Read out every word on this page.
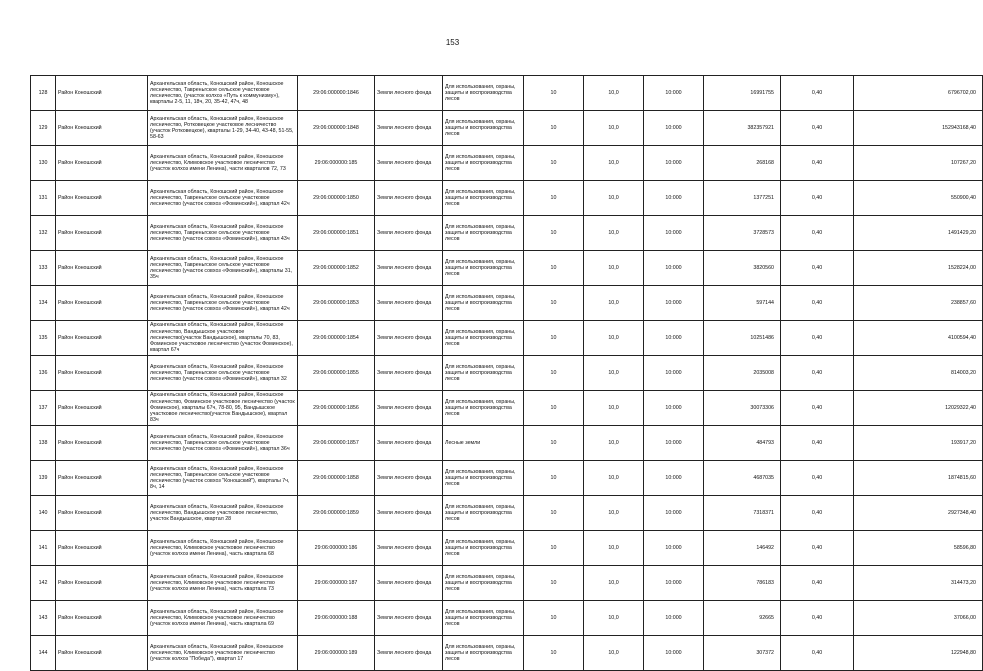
153
128	Район Коношский	Архангельская область, Коношский район, Коношское лесничество, Тавреньгское сельское участковое лесничество, (участок колхоз «Путь к коммунизму»), кварталы 2-5, 11, 18ч, 20, 35-42, 47ч, 48	29:06:000000:1846	Земли лесного фонда	Для использования, охраны, защиты и воспроизводства лесов	10	10,0	10:000	16991755	0,40	6796702,00
129	Район Коношский	Архангельская область, Коношский район, Коношское лесничество, Ротковецкое участковое лесничество (участок Ротковецкое), кварталы 1-29, 34-40, 43-48, 51-55, 58-63	29:06:000000:1848	Земли лесного фонда	Для использования, охраны, защиты и воспроизводства лесов	10	10,0	10:000	382357921	0,40	152943168,40
130	Район Коношский	Архангельская область, Коношский район, Коношское лесничество, Климовское участковое лесничество (участок колхоз имени Ленина), части кварталов 72, 73	29:06:000000:185	Земли лесного фонда	Для использования, охраны, защиты и воспроизводства лесов	10	10,0	10:000	268168	0,40	107267,20
131	Район Коношский	Архангельская область, Коношский район, Коношское лесничество, Тавреньгское сельское участковое лесничество (участок совхоз «Фоминский»), квартал 42ч	29:06:000000:1850	Земли лесного фонда	Для использования, охраны, защиты и воспроизводства лесов	10	10,0	10:000	1377251	0,40	550900,40
132	Район Коношский	Архангельская область, Коношский район, Коношское лесничество, Тавреньгское сельское участковое лесничество (участок совхоз «Фоминский»), квартал 43ч	29:06:000000:1851	Земли лесного фонда	Для использования, охраны, защиты и воспроизводства лесов	10	10,0	10:000	3728573	0,40	1491429,20
133	Район Коношский	Архангельская область, Коношский район, Коношское лесничество, Тавреньгское сельское участковое лесничество (участок совхоз «Фоминский»), кварталы 31, 35ч	29:06:000000:1852	Земли лесного фонда	Для использования, охраны, защиты и воспроизводства лесов	10	10,0	10:000	3820560	0,40	1528224,00
134	Район Коношский	Архангельская область, Коношский район, Коношское лесничество, Тавреньгское сельское участковое лесничество (участок совхоз «Фоминский»), квартал 42ч	29:06:000000:1853	Земли лесного фонда	Для использования, охраны, защиты и воспроизводства лесов	10	10,0	10:000	597144	0,40	238857,60
135	Район Коношский	Архангельская область, Коношский район, Коношское лесничество, Вандышское участковое лесничество(участок Вандышское), кварталы 70, 83, Фоминское участковое лесничество (участок Фоминское), квартал 67ч	29:06:000000:1854	Земли лесного фонда	Для использования, охраны, защиты и воспроизводства лесов	10	10,0	10:000	10251486	0,40	4100594,40
136	Район Коношский	Архангельская область, Коношский район, Коношское лесничество, Тавреньгское сельское участковое лесничество (участок совхоз «Фоминский»), квартал 32	29:06:000000:1855	Земли лесного фонда	Для использования, охраны, защиты и воспроизводства лесов	10	10,0	10:000	2035008	0,40	814003,20
137	Район Коношский	Архангельская область, Коношский район, Коношское лесничество, Фоминское участковое лесничество (участок Фоминское), кварталы 67ч, 78-80, 95, Вандышское участковое лесничество(участок Вандышское), квартал 83ч	29:06:000000:1856	Земли лесного фонда	Для использования, охраны, защиты и воспроизводства лесов	10	10,0	10:000	30073306	0,40	12029322,40
138	Район Коношский	Архангельская область, Коношский район, Коношское лесничество, Тавреньгское сельское участковое лесничество (участок совхоз «Фоминский»), квартал 36ч	29:06:000000:1857	Земли лесного фонда	Лесные земли	10	10,0	10:000	484793	0,40	193917,20
139	Район Коношский	Архангельская область, Коношский район, Коношское лесничество, Тавреньгское сельское участковое лесничество (участок совхоз "Коношский"), кварталы 7ч, 8ч, 14	29:06:000000:1858	Земли лесного фонда	Для использования, охраны, защиты и воспроизводства лесов	10	10,0	10:000	4687035	0,40	1874815,60
140	Район Коношский	Архангельская область, Коношский район, Коношское лесничество, Вандышское участковое лесничество, участок Вандышское, квартал 28	29:06:000000:1859	Земли лесного фонда	Для использования, охраны, защиты и воспроизводства лесов	10	10,0	10:000	7318371	0,40	2927348,40
141	Район Коношский	Архангельская область, Коношский район, Коношское лесничество, Климовское участковое лесничество (участок колхоз имени Ленина), часть квартала 68	29:06:000000:186	Земли лесного фонда	Для использования, охраны, защиты и воспроизводства лесов	10	10,0	10:000	146492	0,40	58596,80
142	Район Коношский	Архангельская область, Коношский район, Коношское лесничество, Климовское участковое лесничество (участок колхоз имени Ленина), часть квартала 73	29:06:000000:187	Земли лесного фонда	Для использования, охраны, защиты и воспроизводства лесов	10	10,0	10:000	786183	0,40	314473,20
143	Район Коношский	Архангельская область, Коношский район, Коношское лесничество, Климовское участковое лесничество (участок колхоз имени Ленина), часть квартала 69	29:06:000000:188	Земли лесного фонда	Для использования, охраны, защиты и воспроизводства лесов	10	10,0	10:000	92665	0,40	37066,00
144	Район Коношский	Архангельская область, Коношский район, Коношское лесничество, Климовское участковое лесничество (участок колхоз "Победа"), квартал 17	29:06:000000:189	Земли лесного фонда	Для использования, охраны, защиты и воспроизводства лесов	10	10,0	10:000	307372	0,40	122948,80
